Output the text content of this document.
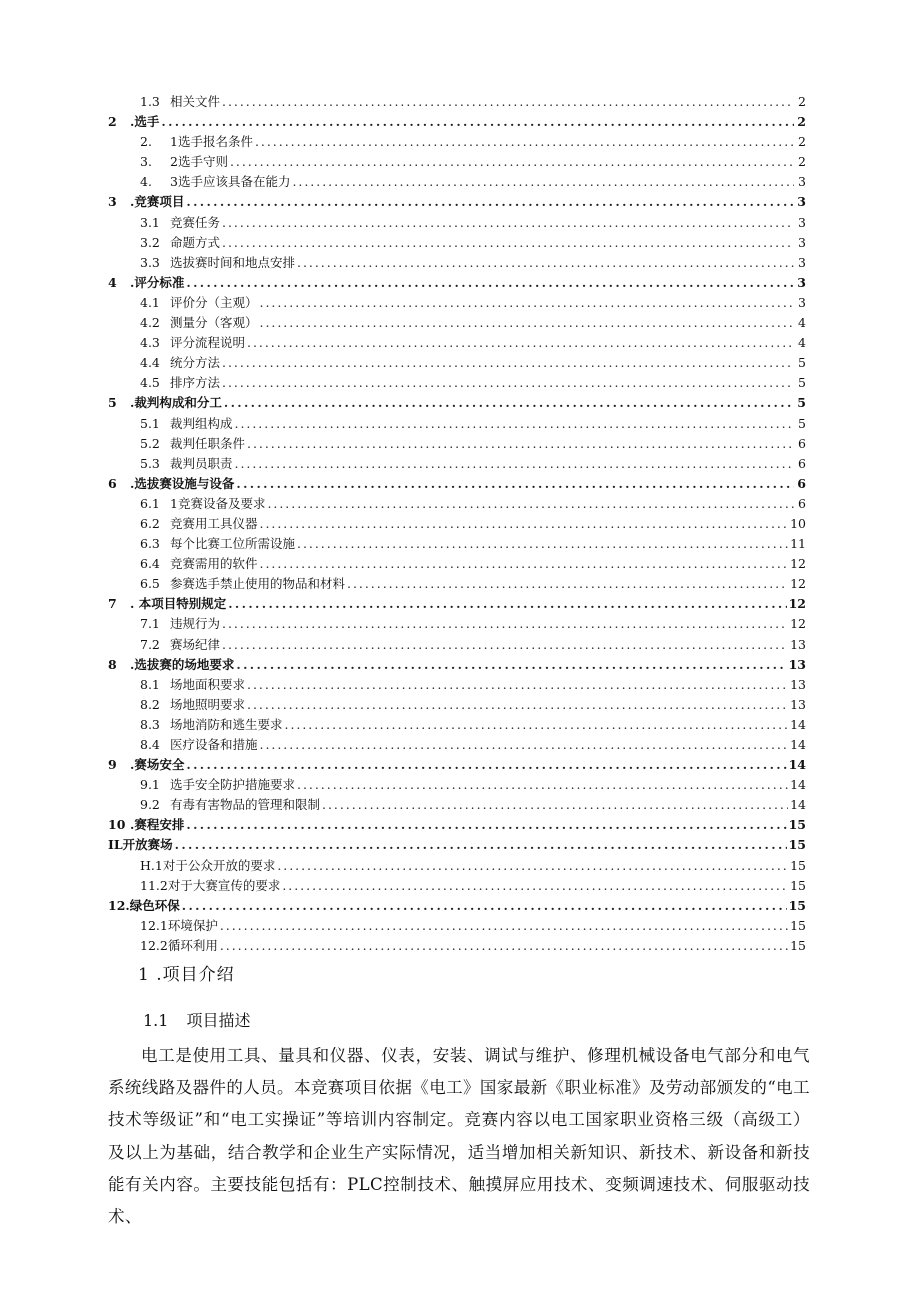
1.3 相关文件 . . .	2
2	.选手 . . .	2
2.	1选手报名条件 . . .	2
3.	2选手守则 . . .	2
4.	3选手应该具备在能力 . . .	3
3	.竞赛项目 . . .	3
3.1 竞赛任务 . . .	3
3.2 命题方式 . . .	3
3.3 选拔赛时间和地点安排 . . .	3
4	.评分标准 . . .	3
4.1 评价分（主观） . . .	3
4.2 测量分（客观） . . .	4
4.3 评分流程说明 . . .	4
4.4 统分方法 . . .	5
4.5 排序方法 . . .	5
5	.裁判构成和分工 . . .	5
5.1 裁判组构成 . . .	5
5.2 裁判任职条件 . . .	6
5.3 裁判员职责 . . .	6
6	.选拔赛设施与设备 . . .	6
6.1 1竞赛设备及要求 . . .	6
6.2 竞赛用工具仪器 . . .	10
6.3 每个比赛工位所需设施 . . .	11
6.4 竞赛需用的软件 . . .	12
6.5 参赛选手禁止使用的物品和材料 . . .	12
7	. 本项目特别规定 . . .	12
7.1 违规行为 . . .	12
7.2 赛场纪律 . . .	13
8	.选拔赛的场地要求 . . .	13
8.1 场地面积要求 . . .	13
8.2 场地照明要求 . . .	13
8.3 场地消防和逃生要求 . . .	14
8.4 医疗设备和措施 . . .	14
9	.赛场安全 . . .	14
9.1 选手安全防护措施要求 . . .	14
9.2 有毒有害物品的管理和限制 . . .	14
10 .赛程安排 . . .	15
IL开放赛场 . . .	15
H.1对于公众开放的要求 . . .	15
11.2对于大赛宣传的要求 . . .	15
12.绿色环保 . . .	15
12.1环境保护 . . .	15
12.2循环利用 . . .	15
1 .项目介绍
1.1 项目描述
电工是使用工具、量具和仪器、仪表，安装、调试与维护、修理机械设备电气部分和电气系统线路及器件的人员。本竞赛项目依据《电工》国家最新《职业标准》及劳动部颁发的“电工技术等级证”和“电工实操证”等培训内容制定。竞赛内容以电工国家职业资格三级（高级工）及以上为基础，结合教学和企业生产实际情况，适当增加相关新知识、新技术、新设备和新技能有关内容。主要技能包括有：PLC控制技术、触摸屏应用技术、变频调速技术、伺服驱动技术、
